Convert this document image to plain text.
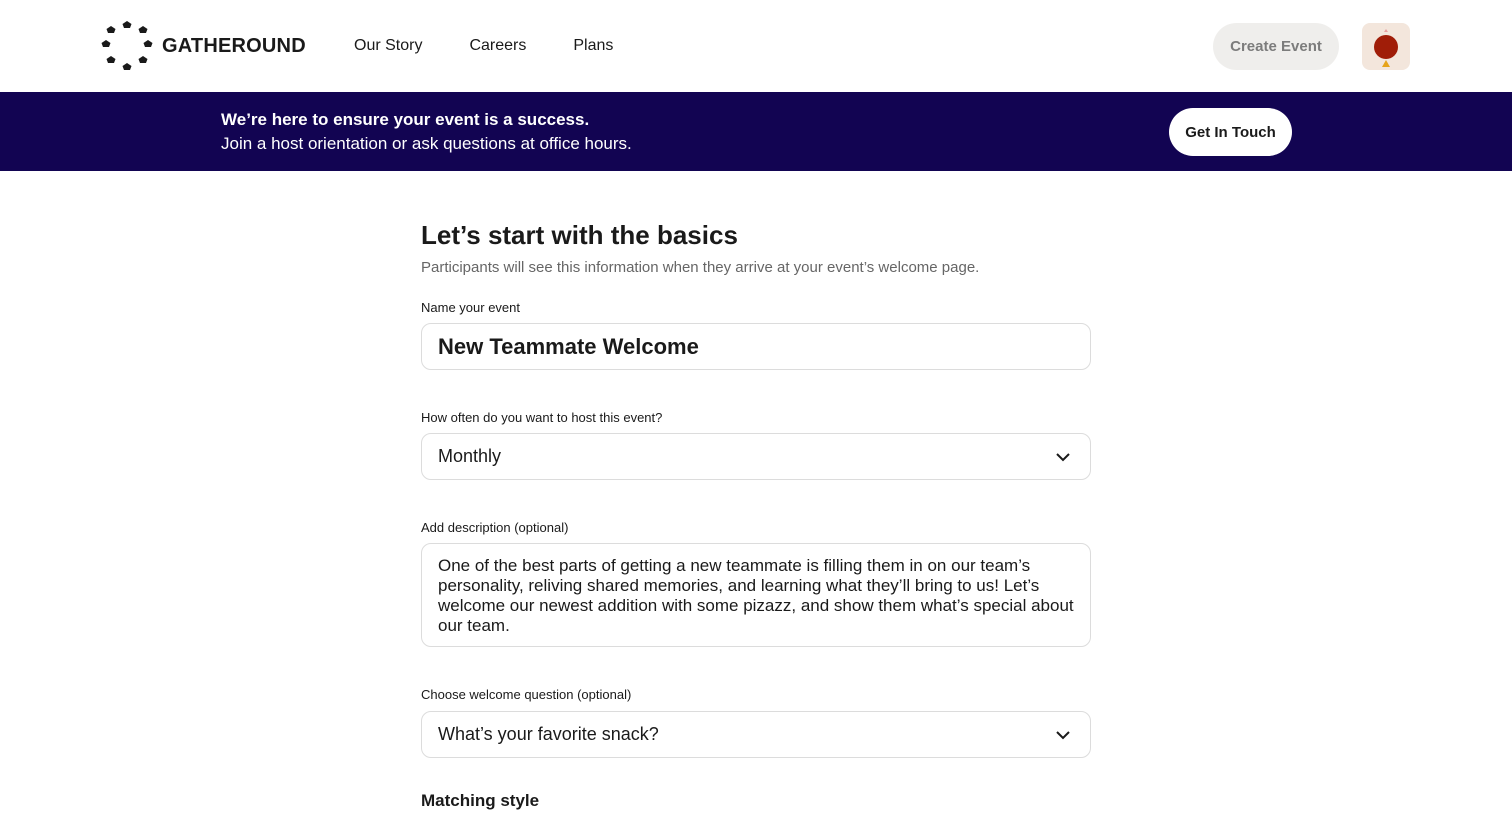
GATHEROUND	Our Story	Careers	Plans	Create Event
We’re here to ensure your event is a success.
Join a host orientation or ask questions at office hours.
Get In Touch
Let’s start with the basics

Participants will see this information when they arrive at your event’s welcome page.

Name your event
New Teammate Welcome
How often do you want to host this event?
Monthly
Add description (optional)
One of the best parts of getting a new teammate is filling them in on our team’s personality, reliving shared memories, and learning what they’ll bring to us! Let’s welcome our newest addition with some pizazz, and show them what’s special about our team.
Choose welcome question (optional)
What’s your favorite snack?
Matching style
